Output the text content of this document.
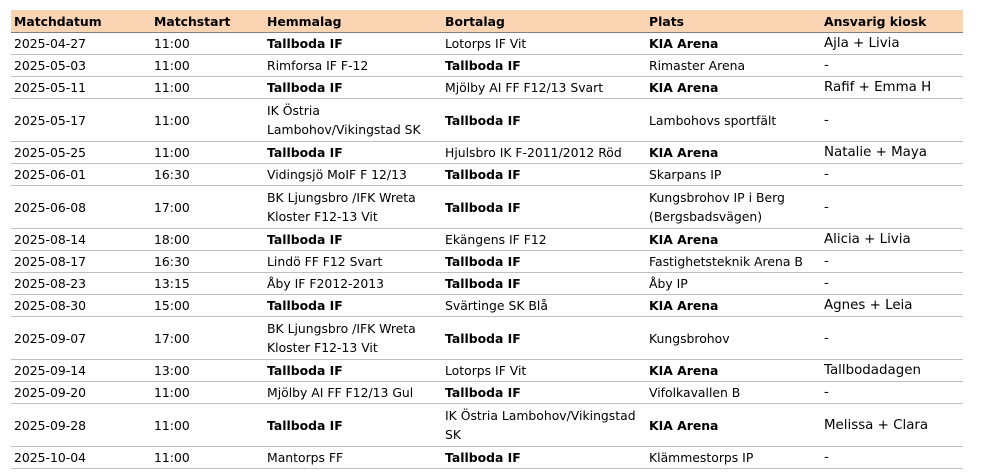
Matchdatum	Matchstart	Hemmalag	Bortalag	Plats	Ansvarig kiosk
2025-04-27	11:00	Tallboda IF	Lotorps IF Vit	KIA Arena	Ajla + Livia
2025-05-03	11:00	Rimforsa IF F-12	Tallboda IF	Rimaster Arena	-
2025-05-11	11:00	Tallboda IF	Mjölby AI FF F12/13 Svart	KIA Arena	Rafif + Emma H
2025-05-17	11:00	IK Östria Lambohov/Vikingstad SK	Tallboda IF	Lambohovs sportfält	-
2025-05-25	11:00	Tallboda IF	Hjulsbro IK F-2011/2012 Röd	KIA Arena	Natalie + Maya
2025-06-01	16:30	Vidingsjö MoIF F 12/13	Tallboda IF	Skarpans IP	-
2025-06-08	17:00	BK Ljungsbro /IFK Wreta Kloster F12-13 Vit	Tallboda IF	Kungsbrohov IP i Berg (Bergsbadsvägen)	-
2025-08-14	18:00	Tallboda IF	Ekängens IF F12	KIA Arena	Alicia + Livia
2025-08-17	16:30	Lindö FF F12 Svart	Tallboda IF	Fastighetsteknik Arena B	-
2025-08-23	13:15	Åby IF F2012-2013	Tallboda IF	Åby IP	-
2025-08-30	15:00	Tallboda IF	Svärtinge SK Blå	KIA Arena	Agnes + Leia
2025-09-07	17:00	BK Ljungsbro /IFK Wreta Kloster F12-13 Vit	Tallboda IF	Kungsbrohov	-
2025-09-14	13:00	Tallboda IF	Lotorps IF Vit	KIA Arena	Tallbodadagen
2025-09-20	11:00	Mjölby AI FF F12/13 Gul	Tallboda IF	Vifolkavallen B	-
2025-09-28	11:00	Tallboda IF	IK Östria Lambohov/Vikingstad SK	KIA Arena	Melissa + Clara
2025-10-04	11:00	Mantorps FF	Tallboda IF	Klämmestorps IP	-
